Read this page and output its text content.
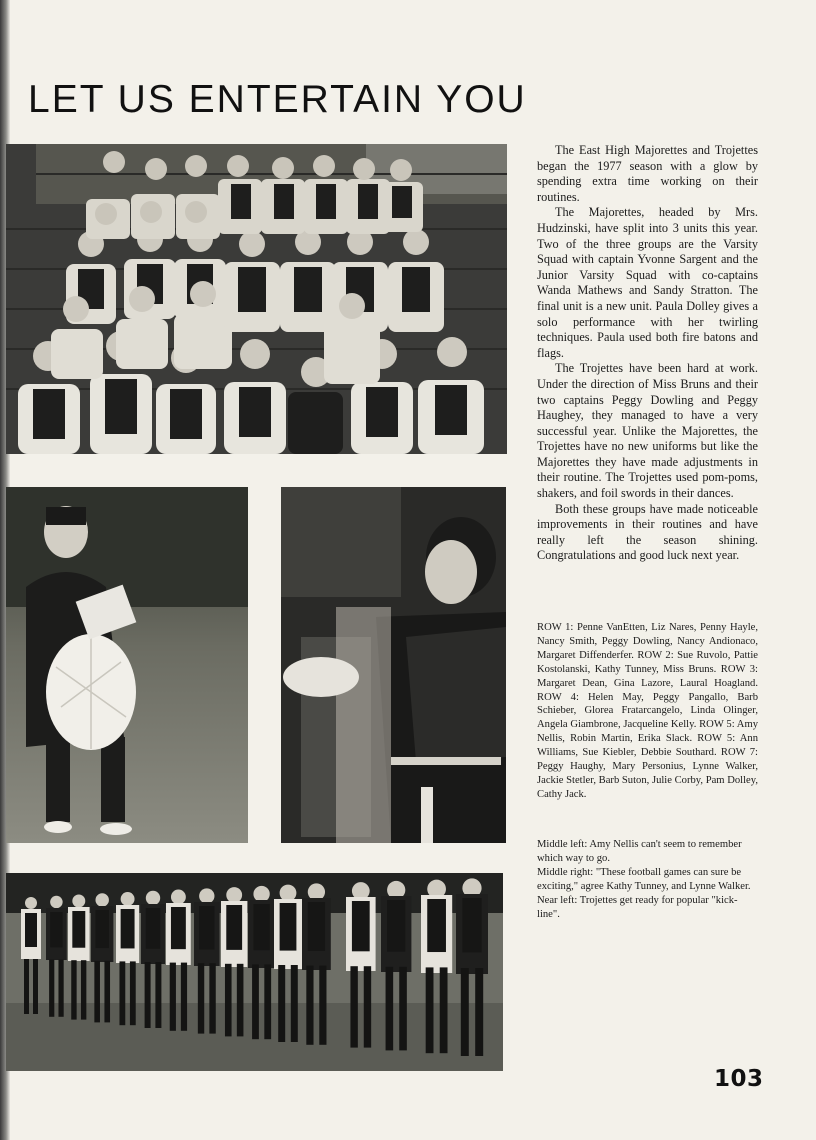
LET US ENTERTAIN YOU

The East High Majorettes and Trojettes began the 1977 season with a glow by spending extra time working on their routines.

The Majorettes, headed by Mrs. Hudzinski, have split into 3 units this year. Two of the three groups are the Varsity Squad with captain Yvonne Sargent and the Junior Varsity Squad with co-captains Wanda Mathews and Sandy Stratton. The final unit is a new unit. Paula Dolley gives a solo performance with her twirling techniques. Paula used both fire batons and flags.

The Trojettes have been hard at work. Under the direction of Miss Bruns and their two captains Peggy Dowling and Peggy Haughey, they managed to have a very successful year. Unlike the Majorettes, the Trojettes have no new uniforms but like the Majorettes they have made adjustments in their routine. The Trojettes used pom-poms, shakers, and foil swords in their dances.

Both these groups have made noticeable improvements in their routines and have really left the season shining. Congratulations and good luck next year.

ROW 1: Penne VanEtten, Liz Nares, Penny Hayle, Nancy Smith, Peggy Dowling, Nancy Andionaco, Margaret Diffenderfer. ROW 2: Sue Ruvolo, Pattie Kostolanski, Kathy Tunney, Miss Bruns. ROW 3: Margaret Dean, Gina Lazore, Laural Hoagland. ROW 4: Helen May, Peggy Pangallo, Barb Schieber, Glorea Fratarcangelo, Linda Olinger, Angela Giambrone, Jacqueline Kelly. ROW 5: Amy Nellis, Robin Martin, Erika Slack. ROW 5: Ann Williams, Sue Kiebler, Debbie Southard. ROW 7: Peggy Haughy, Mary Personius, Lynne Walker, Jackie Stetler, Barb Suton, Julie Corby, Pam Dolley, Cathy Jack.
Middle left: Amy Nellis can't seem to remember which way to go.
Middle right: "These football games can sure be exciting," agree Kathy Tunney, and Lynne Walker.
Near left: Trojettes get ready for popular "kick-line".
103
